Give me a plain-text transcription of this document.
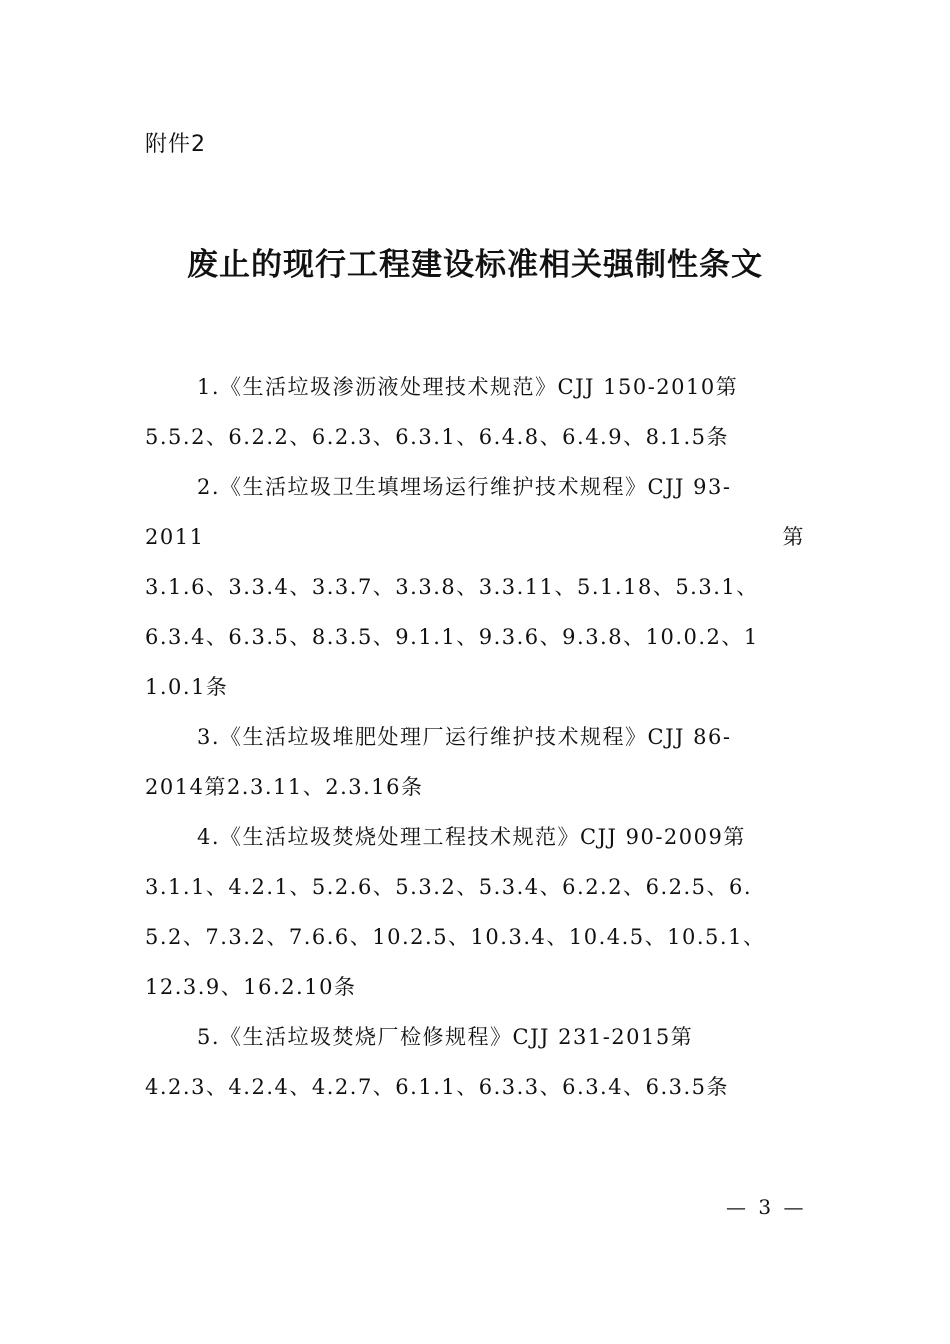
附件2
废止的现行工程建设标准相关强制性条文
1.《生活垃圾渗沥液处理技术规范》CJJ 150-2010第
5.5.2、6.2.2、6.2.3、6.3.1、6.4.8、6.4.9、8.1.5条
2.《生活垃圾卫生填埋场运行维护技术规程》CJJ 93-
2011	第
3.1.6、3.3.4、3.3.7、3.3.8、3.3.11、5.1.18、5.3.1、
6.3.4、6.3.5、8.3.5、9.1.1、9.3.6、9.3.8、10.0.2、1
1.0.1条
3.《生活垃圾堆肥处理厂运行维护技术规程》CJJ 86-
2014第2.3.11、2.3.16条
4.《生活垃圾焚烧处理工程技术规范》CJJ 90-2009第
3.1.1、4.2.1、5.2.6、5.3.2、5.3.4、6.2.2、6.2.5、6.
5.2、7.3.2、7.6.6、10.2.5、10.3.4、10.4.5、10.5.1、
12.3.9、16.2.10条
5.《生活垃圾焚烧厂检修规程》CJJ 231-2015第
4.2.3、4.2.4、4.2.7、6.1.1、6.3.3、6.3.4、6.3.5条
— 3 —
